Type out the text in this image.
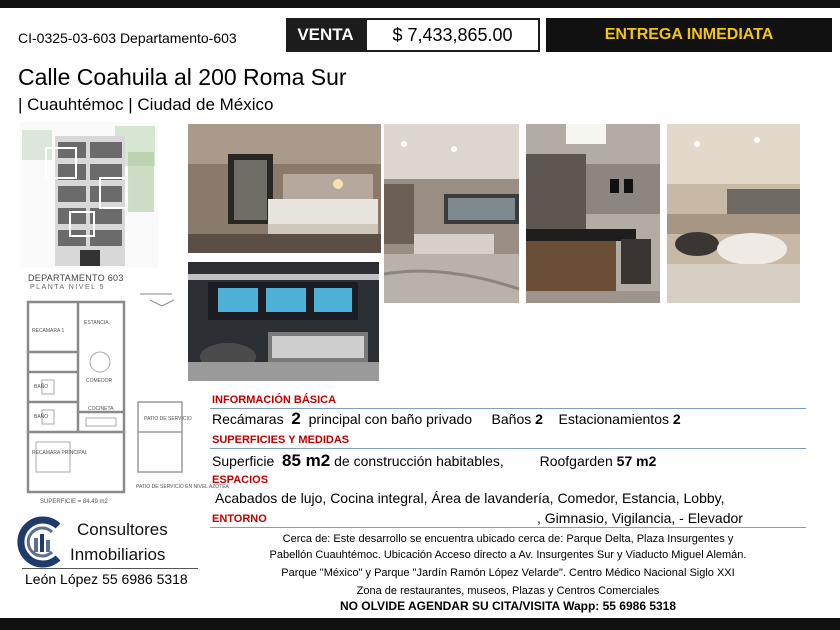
CI-0325-03-603 Departamento-603	VENTA	$ 7,433,865.00	ENTREGA INMEDIATA
Calle Coahuila al 200 Roma Sur
| Cuauhtémoc | Ciudad de México
DEPARTAMENTO 603
PLANTA NIVEL 5
RECAMARA 1
ESTANCIA
BAÑO
COMEDOR
BAÑO
COCINETA
RECAMARA PRINCIPAL
PATIO DE SERVICIO
PATIO DE SERVICIO EN NIVEL AZOTEA
SUPERFICIE = 84.49 m2
INFORMACIÓN BÁSICA
Recámaras 2 principal con baño privado Baños 2 Estacionamientos 2
SUPERFICIES Y MEDIDAS
Superficie 85 m2 de construcción habitables,	Roofgarden 57 m2
ESPACIOS
Acabados de lujo, Cocina integral, Área de lavandería, Comedor, Estancia, Lobby,
ENTORNO	, Gimnasio, Vigilancia, - Elevador
Cerca de: Este desarrollo se encuentra ubicado cerca de: Parque Delta, Plaza Insurgentes y
Pabellón Cuauhtémoc. Ubicación Acceso directo a Av. Insurgentes Sur y Viaducto Miguel Alemán.
Parque "México" y Parque "Jardín Ramón López Velarde". Centro Médico Nacional Siglo XXI
Zona de restaurantes, museos, Plazas y Centros Comerciales
NO OLVIDE AGENDAR SU CITA/VISITA Wapp: 55 6986 5318
Consultores
Inmobiliarios
León López 55 6986 5318
